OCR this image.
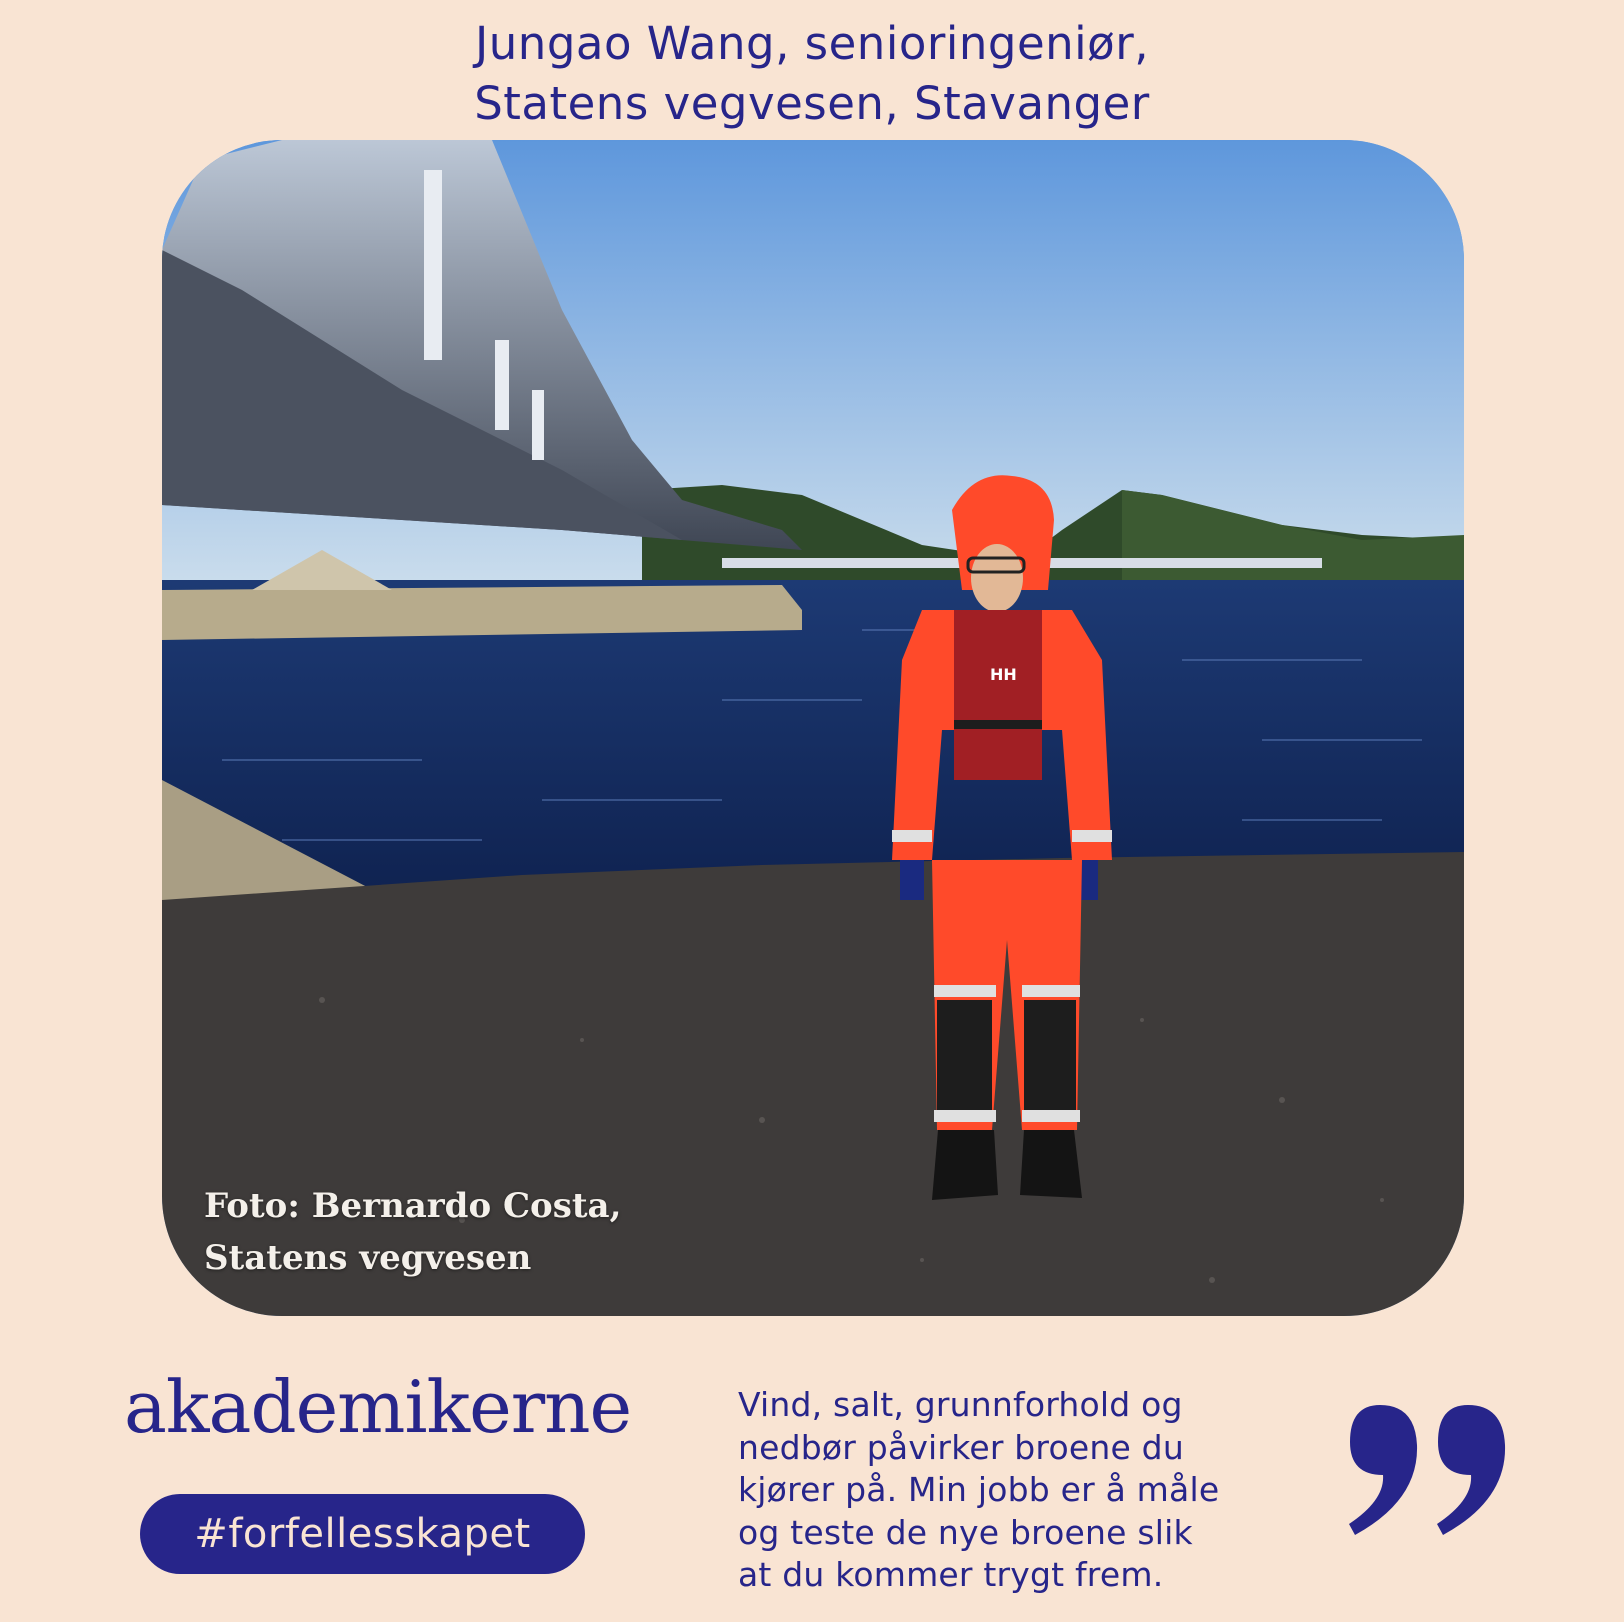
Jungao Wang, senioringeniør,
Statens vegvesen, Stavanger
HH
Foto: Bernardo Costa,
Statens vegvesen
akademikerne
#forfellesskapet
Vind, salt, grunnforhold og
nedbør påvirker broene du
kjører på. Min jobb er å måle
og teste de nye broene slik
at du kommer trygt frem.
